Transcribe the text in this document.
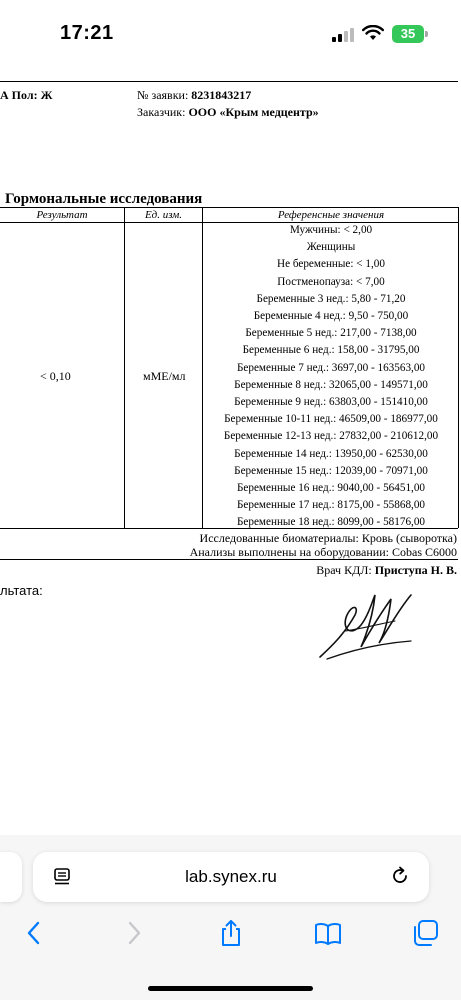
17:21	35
А Пол: Ж	№ заявки: 8231843217
Заказчик: ООО «Крым медцентр»
Гормональные исследования
Результат	Ед. изм.	Референсные значения
< 0,10	мМЕ/мл
Мужчины: < 2,00
Женщины
Не беременные: < 1,00
Постменопауза: < 7,00
Беременные 3 нед.: 5,80 - 71,20
Беременные 4 нед.: 9,50 - 750,00
Беременные 5 нед.: 217,00 - 7138,00
Беременные 6 нед.: 158,00 - 31795,00
Беременные 7 нед.: 3697,00 - 163563,00
Беременные 8 нед.: 32065,00 - 149571,00
Беременные 9 нед.: 63803,00 - 151410,00
Беременные 10-11 нед.: 46509,00 - 186977,00
Беременные 12-13 нед.: 27832,00 - 210612,00
Беременные 14 нед.: 13950,00 - 62530,00
Беременные 15 нед.: 12039,00 - 70971,00
Беременные 16 нед.: 9040,00 - 56451,00
Беременные 17 нед.: 8175,00 - 55868,00
Беременные 18 нед.: 8099,00 - 58176,00
Исследованные биоматериалы: Кровь (сыворотка)
Анализы выполнены на оборудовании: Cobas C6000
Врач КДЛ: Приступа Н. В.
льтата:
lab.synex.ru
